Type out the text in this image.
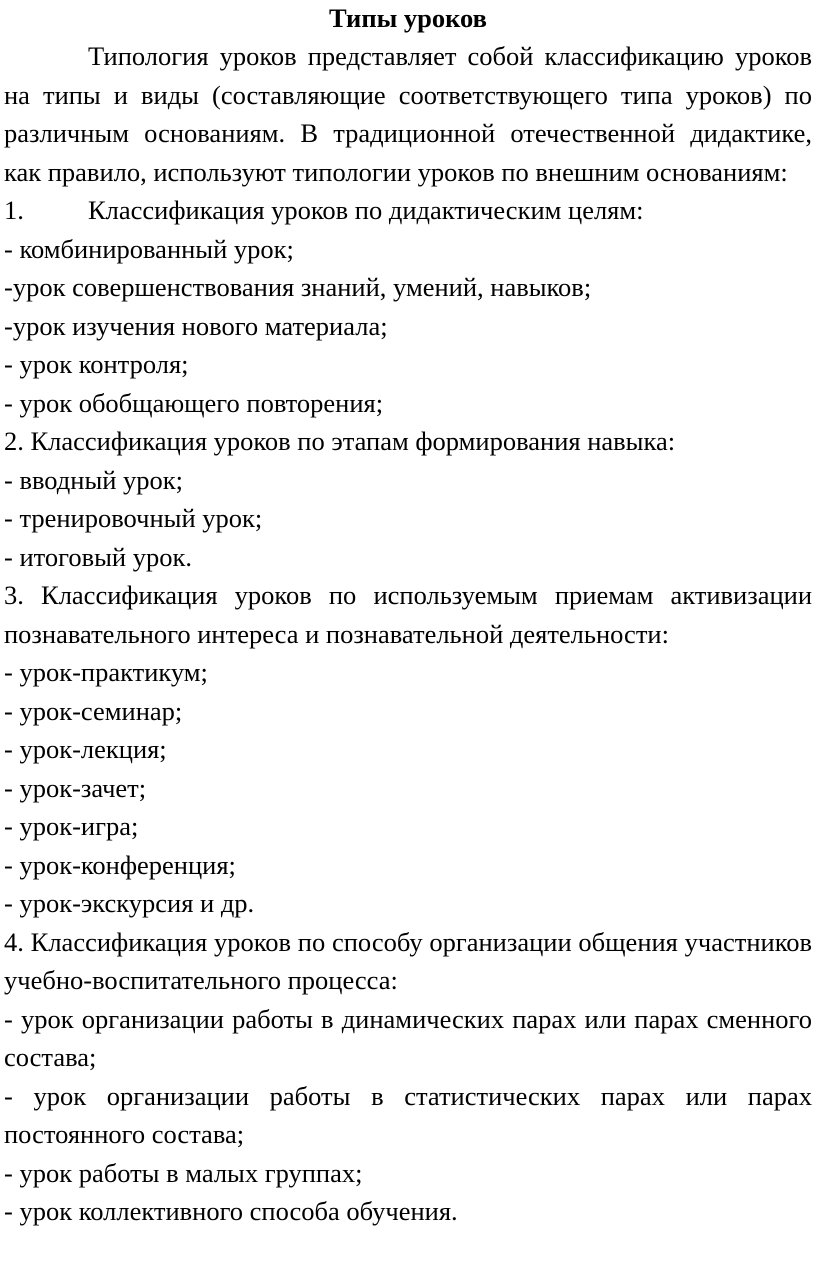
Типы уроков

Типология уроков представляет собой классификацию уроков на типы и виды (составляющие соответствующего типа уроков) по различным основаниям. В традиционной отечественной дидактике, как правило, используют типологии уроков по внешним основаниям:

1. Классификация уроков по дидактическим целям:

- комбинированный урок;

-урок совершенствования знаний, умений, навыков;

-урок изучения нового материала;

- урок контроля;

- урок обобщающего повторения;

2. Классификация уроков по этапам формирования навыка:

- вводный урок;

- тренировочный урок;

- итоговый урок.

3. Классификация уроков по используемым приемам активизации познавательного интереса и познавательной деятельности:

- урок-практикум;

- урок-семинар;

- урок-лекция;

- урок-зачет;

- урок-игра;

- урок-конференция;

- урок-экскурсия и др.

4. Классификация уроков по способу организации общения участников учебно-воспитательного процесса:

- урок организации работы в динамических парах или парах сменного состава;

- урок организации работы в статистических парах или парах постоянного состава;

- урок работы в малых группах;

- урок коллективного способа обучения.
